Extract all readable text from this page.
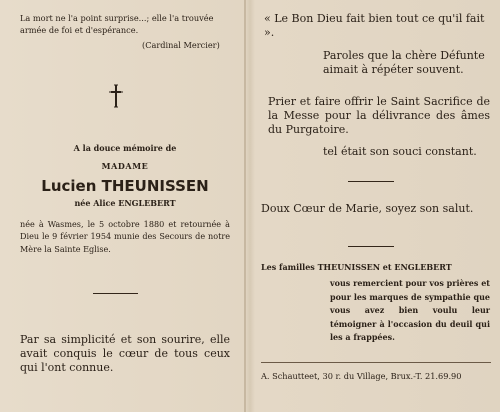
La mort ne l'a point surprise...; elle l'a trouvée
armée de foi et d'espérance.
(Cardinal Mercier)
A la douce mémoire de
MADAME
Lucien THEUNISSEN
née Alice ENGLEBERT
née à Wasmes, le 5 octobre 1880 et retournée à Dieu le 9 février 1954 munie des Secours de notre Mère la Sainte Eglise.
Par sa simplicité et son sourire, elle avait conquis le cœur de tous ceux qui l'ont connue.
« Le Bon Dieu fait bien tout ce qu'il fait ».
Paroles que la chère Défunte aimait à répéter souvent.
Prier et faire offrir le Saint Sacrifice de la Messe pour la délivrance des âmes du Purgatoire.
tel était son souci constant.
Doux Cœur de Marie, soyez son salut.
Les familles THEUNISSEN et ENGLEBERT
vous remercient pour vos prières et pour les marques de sympathie que vous avez bien voulu leur témoigner à l'occasion du deuil qui les a frappées.
A. Schautteet, 30 r. du Village, Brux.-T. 21.69.90
